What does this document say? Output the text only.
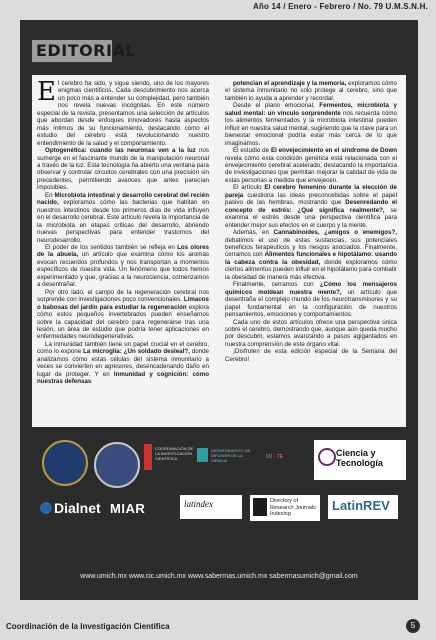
Año 14 / Enero - Febrero / No. 79 U.M.S.N.H.
EDITORIAL

El cerebro ha sido, y sigue siendo, uno de los mayores enigmas científicos. Cada descubrimiento nos acerca un poco más a entender su complejidad, pero también nos revela nuevas incógnitas. En este número especial de la revista, presentamos una selección de artículos que abordan desde enfoques innovadores hasta aspectos más íntimos de su funcionamiento, destacando cómo el estudio del cerebro está revolucionando nuestro entendimiento de la salud y el comportamiento.

Optogenética: cuando las neuronas ven a la luz nos sumerge en el fascinante mundo de la manipulación neuronal a través de la luz. Esta tecnología ha abierto una ventana para observar y controlar circuitos cerebrales con una precisión sin precedentes, permitiendo avances que antes parecían imposibles.

En Microbiota intestinal y desarrollo cerebral del recién nacido, exploramos cómo las bacterias que habitan en nuestros intestinos desde los primeros días de vida influyen en el desarrollo cerebral. Este artículo revela la importancia de la microbiota en etapas críticas del desarrollo, abriendo nuevas perspectivas para entender trastornos del neurodesarrollo.

El poder de los sentidos también se refleja en Los olores de la abuela, un artículo que examina cómo los aromas evocan recuerdos profundos y nos transportan a momentos específicos de nuestra vida. Un fenómeno que todos hemos experimentado y que, gracias a la neurociencia, comenzamos a desentrañar.

Por otro lado, el campo de la regeneración cerebral nos sorprende con investigaciones poco convencionales. Limacos o babosas del jardín para estudiar la regeneración explora cómo estos pequeños invertebrados pueden enseñarnos sobre la capacidad del cerebro para regenerarse tras una lesión, un área de estudio que podría tener aplicaciones en enfermedades neurodegenerativas.

La inmunidad también tiene un papel crucial en el cerebro, como lo expone La microglía: ¿Un soldado desleal?, donde analizamos cómo estas células del sistema inmunitario a veces se convierten en agresores, desencadenando daño en lugar de proteger. Y en Inmunidad y cognición: cómo nuestras defensas

potencian el aprendizaje y la memoria, exploramos cómo el sistema inmunitario no solo protege al cerebro, sino que también lo ayuda a aprender y recordar.

Desde el plano emocional, Fermentos, microbiota y salud mental: un vínculo sorprendente nos recuerda cómo los alimentos fermentados y la microbiota intestinal pueden influir en nuestra salud mental, sugiriendo que la clave para un bienestar emocional podría estar más cerca de lo que imaginamos.

El estudio de El envejecimiento en el síndrome de Down revela cómo esta condición genética está relacionada con el envejecimiento cerebral acelerado, destacando la importancia de investigaciones que permitan mejorar la calidad de vida de estas personas a medida que envejecen.

El artículo El cerebro femenino durante la elección de pareja cuestiona las ideas preconcebidas sobre el papel pasivo de las hembras, mostrando que Desenredando el concepto de estrés: ¿Qué significa realmente?, se examina el estrés desde una perspectiva científica para entender mejor sus efectos en el cuerpo y la mente.

Además, en Cannabinoides, ¿amigos o enemigos?, debatimos el uso de estas sustancias, sus potenciales beneficios terapéuticos y los riesgos asociados. Finalmente, cerramos con Alimentos funcionales e hipotálamo: usando la cabeza contra la obesidad, donde exploramos cómo ciertos alimentos pueden influir en el hipotálamo para combatir la obesidad de manera más efectiva.

Finalmente, cerramos con ¿Cómo los mensajeros químicos moldean nuestra mente?, un artículo que desentraña el complejo mundo de los neurotransmisores y su papel fundamental en la configuración de nuestros pensamientos, emociones y comportamientos.

Cada uno de estos artículos ofrece una perspectiva única sobre el cerebro, demostrando que, aunque aún queda mucho por descubrir, estamos avanzando a pasos agigantados en nuestra comprensión de este órgano vital.

¡Disfruten de esta edición especial de la Semana del Cerebro!

COORDINACIÓN DE LA INVESTIGACIÓN CIENTÍFICA
DEPARTAMENTO DE DIFUSIÓN DE LA CIENCIA
IIU · TE	Ciencia y Tecnología
Dialnet MIAR	latindex	Directory of Research Journals Indexing
LatinREV
www.umich.mx www.cic.umich.mx www.sabermas.umich.mx sabermasumich@gmail.com
Coordinación de la Investigación Científica	5
